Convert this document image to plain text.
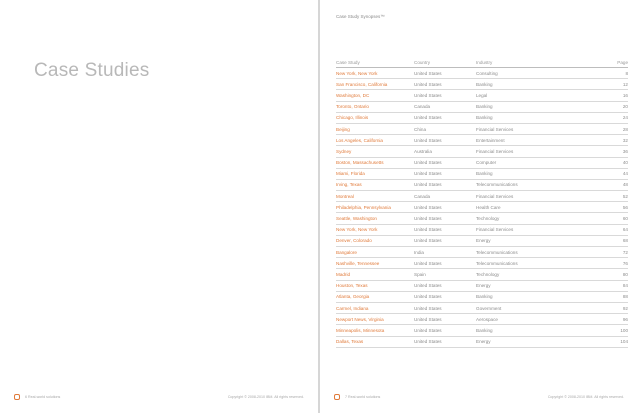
Case Studies
6 Real-world solutions	Copyright © 2008-2010 IBM. All rights reserved.
Case Study Synopses™
Case Study	Country	Industry	Page
New York, New York	United States	Consulting	8
San Francisco, California	United States	Banking	12
Washington, DC	United States	Legal	16
Toronto, Ontario	Canada	Banking	20
Chicago, Illinois	United States	Banking	24
Beijing	China	Financial Services	28
Los Angeles, California	United States	Entertainment	32
Sydney	Australia	Financial Services	36
Boston, Massachusetts	United States	Computer	40
Miami, Florida	United States	Banking	44
Irving, Texas	United States	Telecommunications	48
Montreal	Canada	Financial Services	52
Philadelphia, Pennsylvania	United States	Health Care	56
Seattle, Washington	United States	Technology	60
New York, New York	United States	Financial Services	64
Denver, Colorado	United States	Energy	68
Bangalore	India	Telecommunications	72
Nashville, Tennessee	United States	Telecommunications	76
Madrid	Spain	Technology	80
Houston, Texas	United States	Energy	84
Atlanta, Georgia	United States	Banking	88
Carmel, Indiana	United States	Government	92
Newport News, Virginia	United States	Aerospace	96
Minneapolis, Minnesota	United States	Banking	100
Dallas, Texas	United States	Energy	104
7 Real-world solutions	Copyright © 2008-2010 IBM. All rights reserved.
